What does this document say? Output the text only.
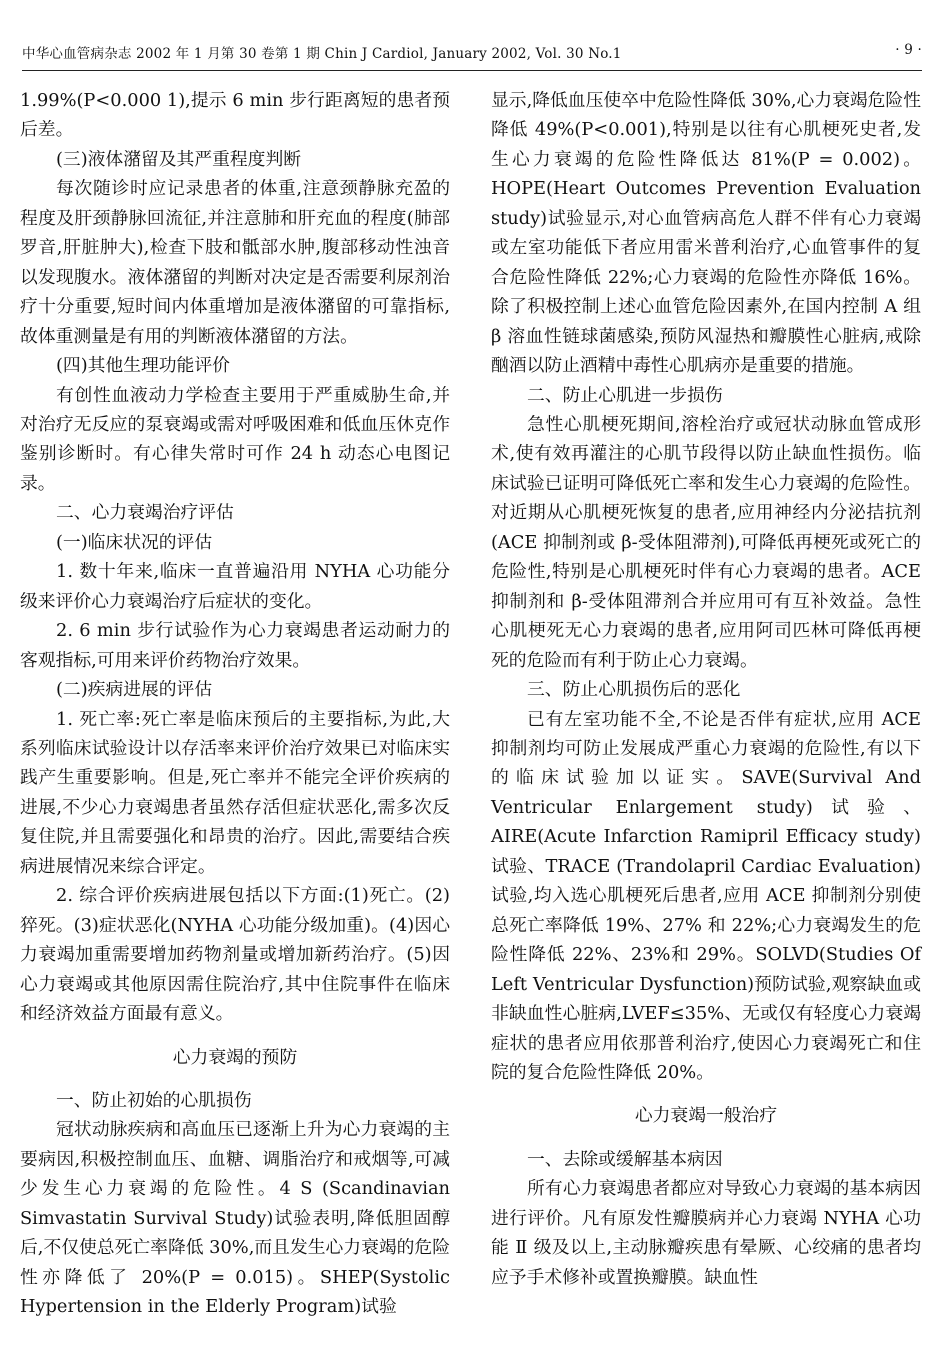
中华心血管病杂志 2002 年 1 月第 30 卷第 1 期 Chin J Cardiol, January 2002, Vol. 30 No.1	· 9 ·

1.99%(P<0.000 1),提示 6 min 步行距离短的患者预后差。

(三)液体潴留及其严重程度判断

每次随诊时应记录患者的体重,注意颈静脉充盈的程度及肝颈静脉回流征,并注意肺和肝充血的程度(肺部罗音,肝脏肿大),检查下肢和骶部水肿,腹部移动性浊音以发现腹水。液体潴留的判断对决定是否需要利尿剂治疗十分重要,短时间内体重增加是液体潴留的可靠指标,故体重测量是有用的判断液体潴留的方法。

(四)其他生理功能评价

有创性血液动力学检查主要用于严重威胁生命,并对治疗无反应的泵衰竭或需对呼吸困难和低血压休克作鉴别诊断时。有心律失常时可作 24 h 动态心电图记录。

二、心力衰竭治疗评估

(一)临床状况的评估

1. 数十年来,临床一直普遍沿用 NYHA 心功能分级来评价心力衰竭治疗后症状的变化。

2. 6 min 步行试验作为心力衰竭患者运动耐力的客观指标,可用来评价药物治疗效果。

(二)疾病进展的评估

1. 死亡率:死亡率是临床预后的主要指标,为此,大系列临床试验设计以存活率来评价治疗效果已对临床实践产生重要影响。但是,死亡率并不能完全评价疾病的进展,不少心力衰竭患者虽然存活但症状恶化,需多次反复住院,并且需要强化和昂贵的治疗。因此,需要结合疾病进展情况来综合评定。

2. 综合评价疾病进展包括以下方面:(1)死亡。(2)猝死。(3)症状恶化(NYHA 心功能分级加重)。(4)因心力衰竭加重需要增加药物剂量或增加新药治疗。(5)因心力衰竭或其他原因需住院治疗,其中住院事件在临床和经济效益方面最有意义。

心力衰竭的预防

一、防止初始的心肌损伤

冠状动脉疾病和高血压已逐渐上升为心力衰竭的主要病因,积极控制血压、血糖、调脂治疗和戒烟等,可减少发生心力衰竭的危险性。4 S (Scandinavian Simvastatin Survival Study)试验表明,降低胆固醇后,不仅使总死亡率降低 30%,而且发生心力衰竭的危险性亦降低了 20%(P = 0.015)。SHEP(Systolic Hypertension in the Elderly Program)试验

显示,降低血压使卒中危险性降低 30%,心力衰竭危险性降低 49%(P<0.001),特别是以往有心肌梗死史者,发生心力衰竭的危险性降低达 81%(P = 0.002)。HOPE(Heart Outcomes Prevention Evaluation study)试验显示,对心血管病高危人群不伴有心力衰竭或左室功能低下者应用雷米普利治疗,心血管事件的复合危险性降低 22%;心力衰竭的危险性亦降低 16%。除了积极控制上述心血管危险因素外,在国内控制 A 组 β 溶血性链球菌感染,预防风湿热和瓣膜性心脏病,戒除酗酒以防止酒精中毒性心肌病亦是重要的措施。

二、防止心肌进一步损伤

急性心肌梗死期间,溶栓治疗或冠状动脉血管成形术,使有效再灌注的心肌节段得以防止缺血性损伤。临床试验已证明可降低死亡率和发生心力衰竭的危险性。对近期从心肌梗死恢复的患者,应用神经内分泌拮抗剂(ACE 抑制剂或 β-受体阻滞剂),可降低再梗死或死亡的危险性,特别是心肌梗死时伴有心力衰竭的患者。ACE 抑制剂和 β-受体阻滞剂合并应用可有互补效益。急性心肌梗死无心力衰竭的患者,应用阿司匹林可降低再梗死的危险而有利于防止心力衰竭。

三、防止心肌损伤后的恶化

已有左室功能不全,不论是否伴有症状,应用 ACE 抑制剂均可防止发展成严重心力衰竭的危险性,有以下的临床试验加以证实。SAVE(Survival And Ventricular Enlargement study)试验、AIRE(Acute Infarction Ramipril Efficacy study)试验、TRACE (Trandolapril Cardiac Evaluation)试验,均入选心肌梗死后患者,应用 ACE 抑制剂分别使总死亡率降低 19%、27% 和 22%;心力衰竭发生的危险性降低 22%、23%和 29%。SOLVD(Studies Of Left Ventricular Dysfunction)预防试验,观察缺血或非缺血性心脏病,LVEF≤35%、无或仅有轻度心力衰竭症状的患者应用依那普利治疗,使因心力衰竭死亡和住院的复合危险性降低 20%。

心力衰竭一般治疗

一、去除或缓解基本病因

所有心力衰竭患者都应对导致心力衰竭的基本病因进行评价。凡有原发性瓣膜病并心力衰竭 NYHA 心功能 Ⅱ 级及以上,主动脉瓣疾患有晕厥、心绞痛的患者均应予手术修补或置换瓣膜。缺血性
